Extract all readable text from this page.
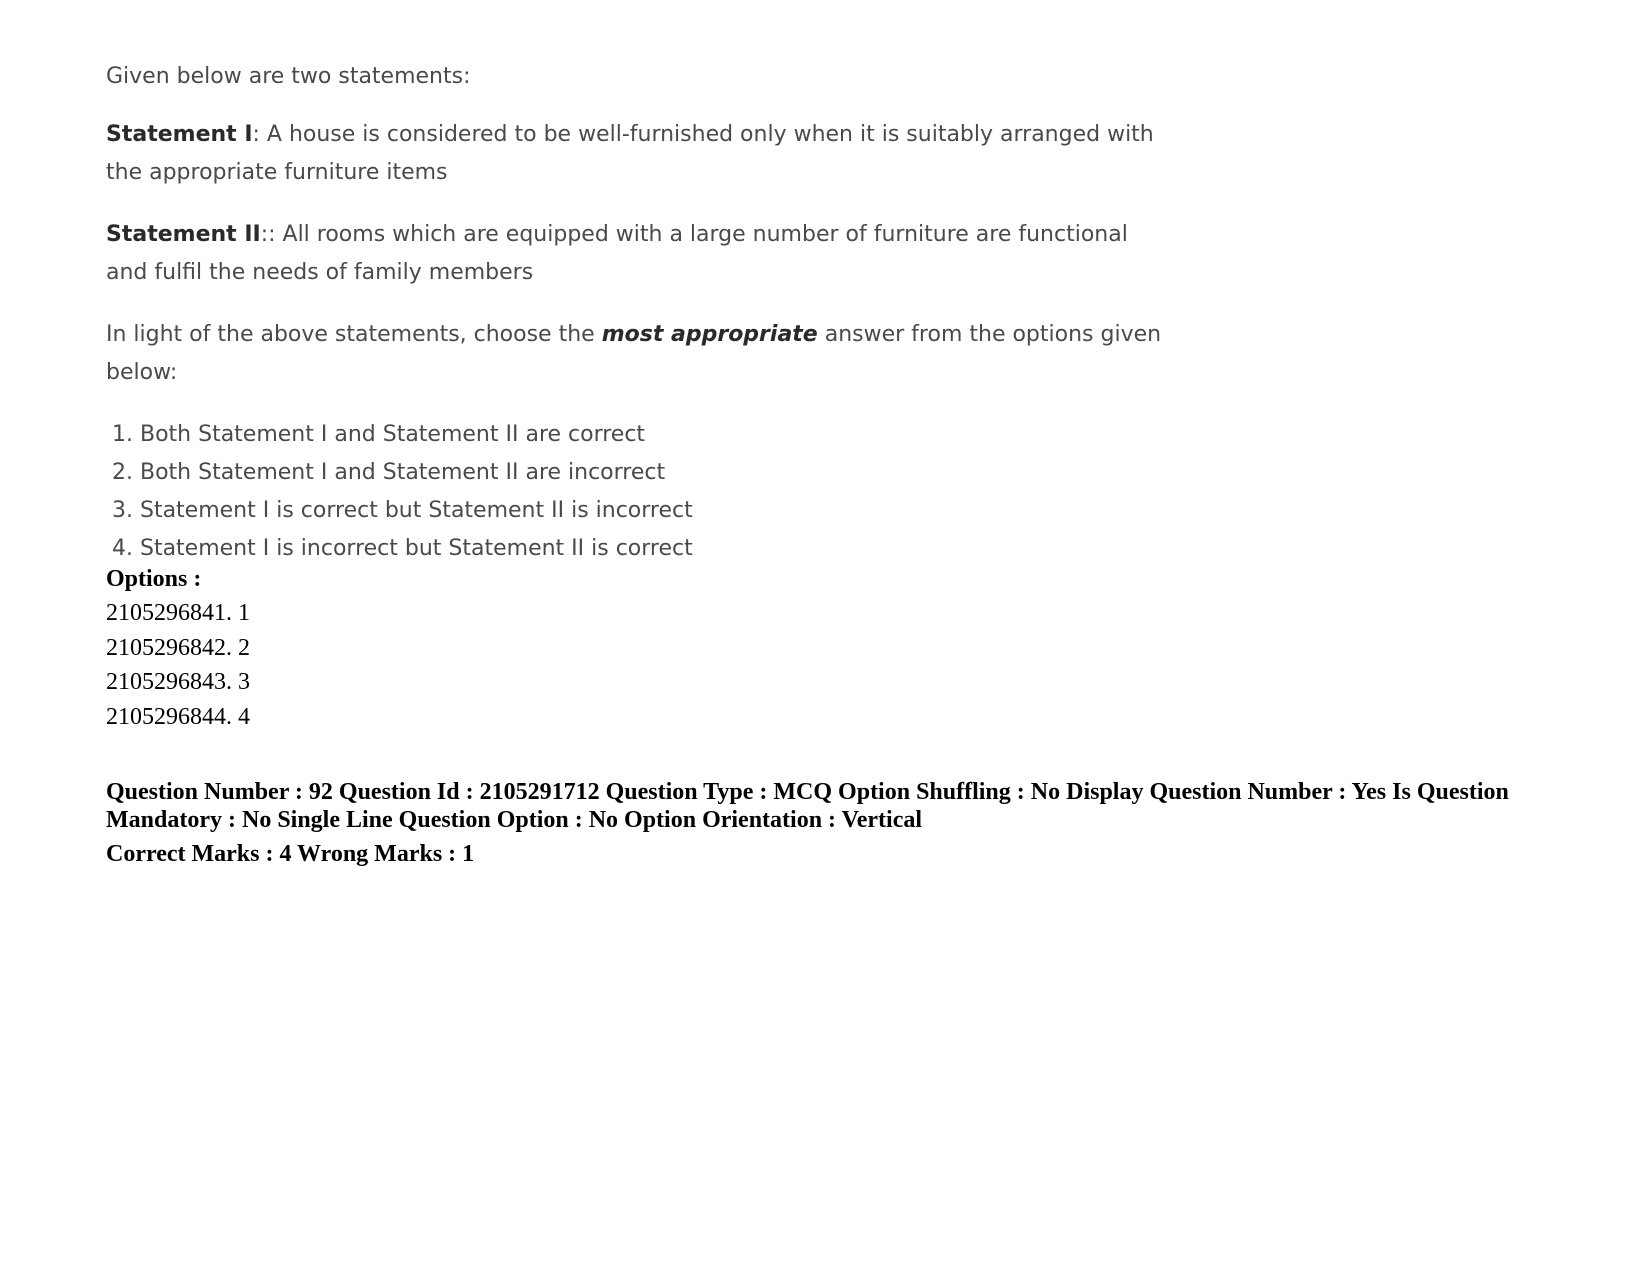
Given below are two statements:

Statement I: A house is considered to be well-furnished only when it is suitably arranged with the appropriate furniture items

Statement II:: All rooms which are equipped with a large number of furniture are functional and fulfil the needs of family members

In light of the above statements, choose the most appropriate answer from the options given below:

1. Both Statement I and Statement II are correct
2. Both Statement I and Statement II are incorrect
3. Statement I is correct but Statement II is incorrect
4. Statement I is incorrect but Statement II is correct
Options :
2105296841. 1
2105296842. 2
2105296843. 3
2105296844. 4
Question Number : 92 Question Id : 2105291712 Question Type : MCQ Option Shuffling : No Display Question Number : Yes Is Question Mandatory : No Single Line Question Option : No Option Orientation : Vertical
Correct Marks : 4 Wrong Marks : 1
